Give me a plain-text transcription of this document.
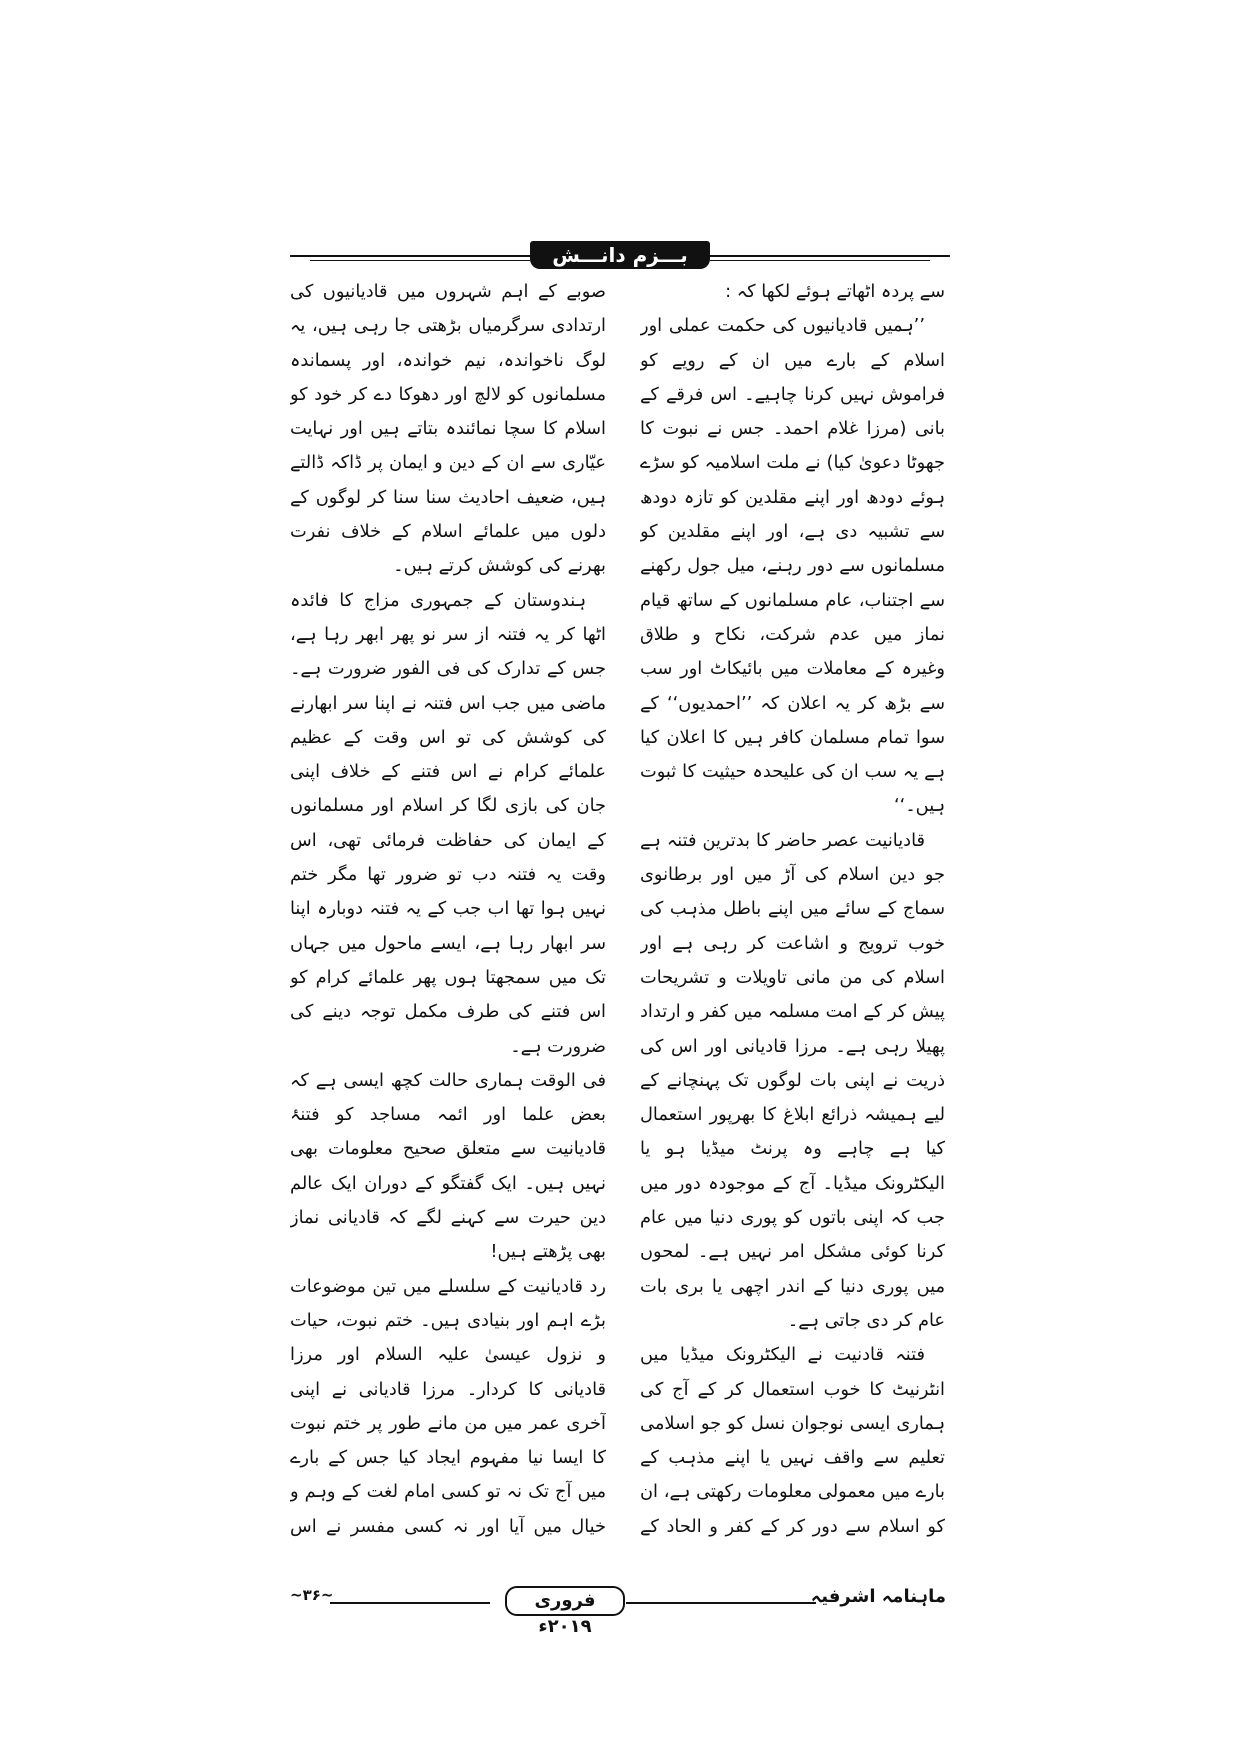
بـــزم دانـــش

سے پردہ اٹھاتے ہوئے لکھا کہ :

’’ہمیں قادیانیوں کی حکمت عملی اور اسلام کے بارے میں ان کے رویے کو فراموش نہیں کرنا چاہیے۔ اس فرقے کے بانی (مرزا غلام احمد۔ جس نے نبوت کا جھوٹا دعویٰ کیا) نے ملت اسلامیہ کو سڑے ہوئے دودھ اور اپنے مقلدین کو تازہ دودھ سے تشبیہ دی ہے، اور اپنے مقلدین کو مسلمانوں سے دور رہنے، میل جول رکھنے سے اجتناب، عام مسلمانوں کے ساتھ قیام نماز میں عدم شرکت، نکاح و طلاق وغیرہ کے معاملات میں بائیکاٹ اور سب سے بڑھ کر یہ اعلان کہ ’’احمدیوں‘‘ کے سوا تمام مسلمان کافر ہیں کا اعلان کیا ہے یہ سب ان کی علیحدہ حیثیت کا ثبوت ہیں۔‘‘

قادیانیت عصر حاضر کا بدترین فتنہ ہے جو دین اسلام کی آڑ میں اور برطانوی سماج کے سائے میں اپنے باطل مذہب کی خوب ترویج و اشاعت کر رہی ہے اور اسلام کی من مانی تاویلات و تشریحات پیش کر کے امت مسلمہ میں کفر و ارتداد پھیلا رہی ہے۔ مرزا قادیانی اور اس کی ذریت نے اپنی بات لوگوں تک پہنچانے کے لیے ہمیشہ ذرائع ابلاغ کا بھرپور استعمال کیا ہے چاہے وہ پرنٹ میڈیا ہو یا الیکٹرونک میڈیا۔ آج کے موجودہ دور میں جب کہ اپنی باتوں کو پوری دنیا میں عام کرنا کوئی مشکل امر نہیں ہے۔ لمحوں میں پوری دنیا کے اندر اچھی یا بری بات عام کر دی جاتی ہے۔

فتنہ قادنیت نے الیکٹرونک میڈیا میں انٹرنیٹ کا خوب استعمال کر کے آج کی ہماری ایسی نوجوان نسل کو جو اسلامی تعلیم سے واقف نہیں یا اپنے مذہب کے بارے میں معمولی معلومات رکھتی ہے، ان کو اسلام سے دور کر کے کفر و الحاد کے

صوبے کے اہم شہروں میں قادیانیوں کی ارتدادی سرگرمیاں بڑھتی جا رہی ہیں، یہ لوگ ناخواندہ، نیم خواندہ، اور پسماندہ مسلمانوں کو لالچ اور دھوکا دے کر خود کو اسلام کا سچا نمائندہ بتاتے ہیں اور نہایت عیّاری سے ان کے دین و ایمان پر ڈاکہ ڈالتے ہیں، ضعیف احادیث سنا سنا کر لوگوں کے دلوں میں علمائے اسلام کے خلاف نفرت بھرنے کی کوشش کرتے ہیں۔

ہندوستان کے جمہوری مزاج کا فائدہ اٹھا کر یہ فتنہ از سر نو پھر ابھر رہا ہے، جس کے تدارک کی فی الفور ضرورت ہے۔ ماضی میں جب اس فتنہ نے اپنا سر ابھارنے کی کوشش کی تو اس وقت کے عظیم علمائے کرام نے اس فتنے کے خلاف اپنی جان کی بازی لگا کر اسلام اور مسلمانوں کے ایمان کی حفاظت فرمائی تھی، اس وقت یہ فتنہ دب تو ضرور تھا مگر ختم نہیں ہوا تھا اب جب کے یہ فتنہ دوبارہ اپنا سر ابھار رہا ہے، ایسے ماحول میں جہاں تک میں سمجھتا ہوں پھر علمائے کرام کو اس فتنے کی طرف مکمل توجہ دینے کی ضرورت ہے۔

فی الوقت ہماری حالت کچھ ایسی ہے کہ بعض علما اور ائمہ مساجد کو فتنۂ قادیانیت سے متعلق صحیح معلومات بھی نہیں ہیں۔ ایک گفتگو کے دوران ایک عالم دین حیرت سے کہنے لگے کہ قادیانی نماز بھی پڑھتے ہیں!

رد قادیانیت کے سلسلے میں تین موضوعات بڑے اہم اور بنیادی ہیں۔ ختم نبوت، حیات و نزول عیسیٰ علیہ السلام اور مرزا قادیانی کا کردار۔ مرزا قادیانی نے اپنی آخری عمر میں من مانے طور پر ختم نبوت کا ایسا نیا مفہوم ایجاد کیا جس کے بارے میں آج تک نہ تو کسی امام لغت کے وہم و خیال میں آیا اور نہ کسی مفسر نے اس

ماہنامہ اشرفیہ
فروری ۲۰۱۹ء
~۳۶~
